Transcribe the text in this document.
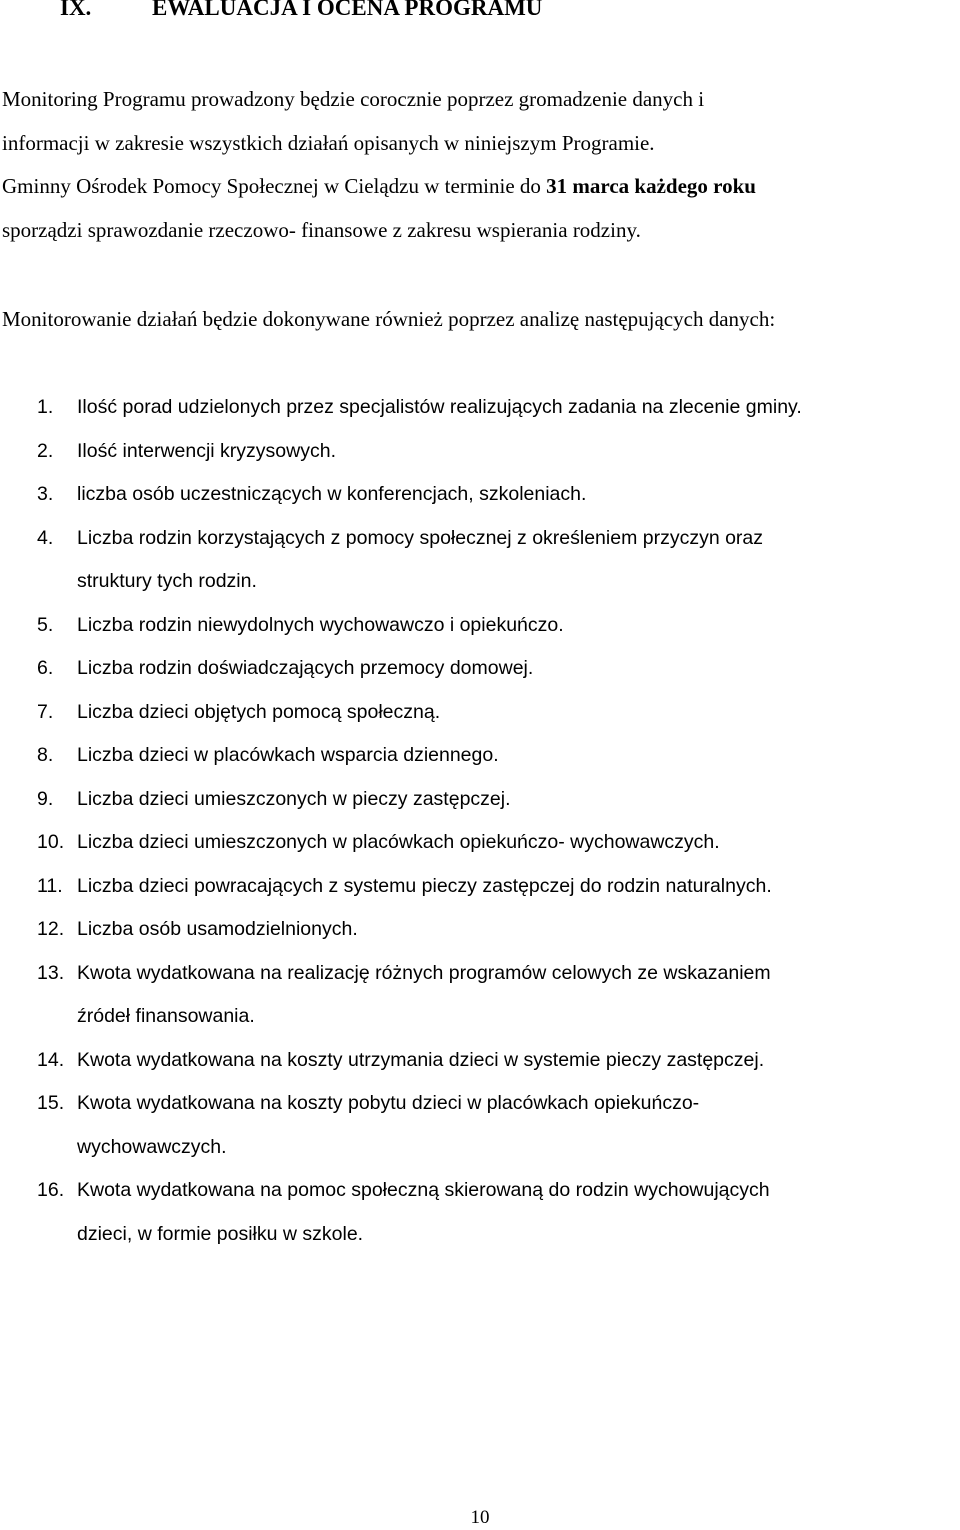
IX.	EWALUACJA I OCENA PROGRAMU
Monitoring Programu prowadzony będzie corocznie poprzez gromadzenie danych i
informacji w zakresie wszystkich działań opisanych w niniejszym Programie.
Gminny Ośrodek Pomocy Społecznej w Cielądzu w terminie do 31 marca każdego roku
sporządzi sprawozdanie rzeczowo- finansowe z zakresu wspierania rodziny.
Monitorowanie działań będzie dokonywane również poprzez analizę następujących danych:
1. Ilość porad udzielonych przez specjalistów realizujących zadania na zlecenie gminy.
2. Ilość interwencji kryzysowych.
3. liczba osób uczestniczących w konferencjach, szkoleniach.
4. Liczba rodzin korzystających z pomocy społecznej z określeniem przyczyn oraz
struktury tych rodzin.
5. Liczba rodzin niewydolnych wychowawczo i opiekuńczo.
6. Liczba rodzin doświadczających przemocy domowej.
7. Liczba dzieci objętych pomocą społeczną.
8. Liczba dzieci w placówkach wsparcia dziennego.
9. Liczba dzieci umieszczonych w pieczy zastępczej.
10. Liczba dzieci umieszczonych w placówkach opiekuńczo- wychowawczych.
11. Liczba dzieci powracających z systemu pieczy zastępczej do rodzin naturalnych.
12. Liczba osób usamodzielnionych.
13. Kwota wydatkowana na realizację różnych programów celowych ze wskazaniem
źródeł finansowania.
14. Kwota wydatkowana na koszty utrzymania dzieci w systemie pieczy zastępczej.
15. Kwota wydatkowana na koszty pobytu dzieci w placówkach opiekuńczo-
wychowawczych.
16. Kwota wydatkowana na pomoc społeczną skierowaną do rodzin wychowujących
dzieci, w formie posiłku w szkole.
10
